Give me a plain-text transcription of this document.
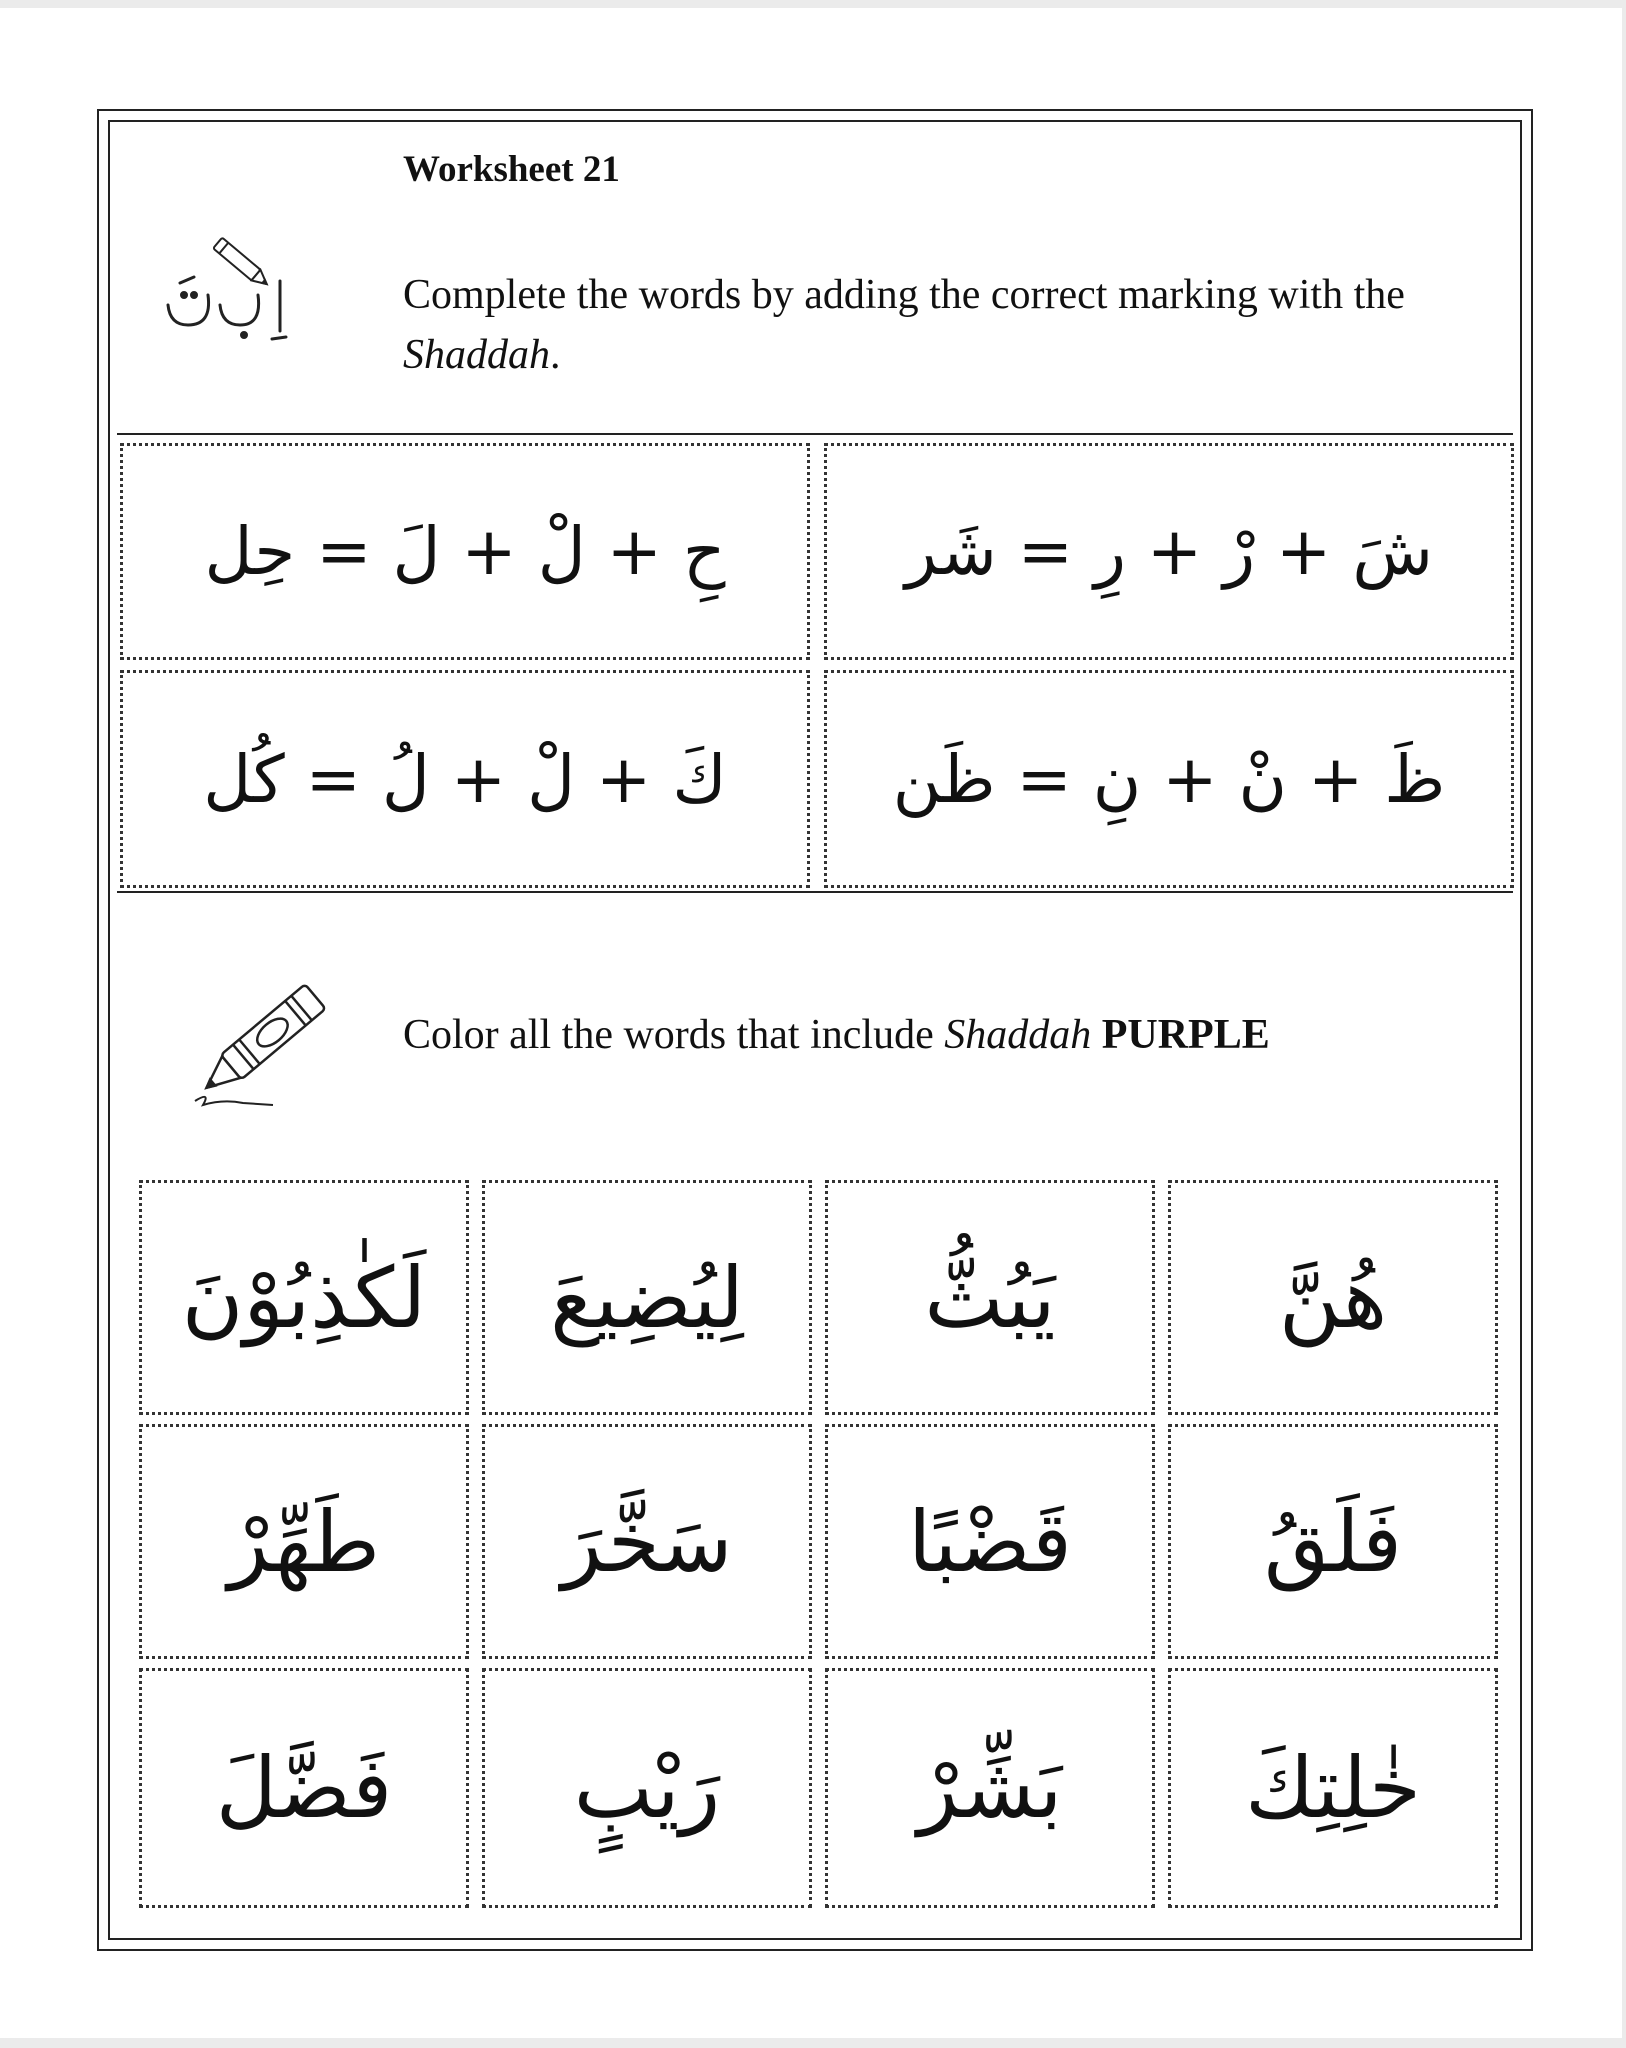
Worksheet 21
Complete the words by adding the correct marking with the Shaddah.
شَ + رْ + رِ = شَر
حِ + لْ + لَ = حِل
ظَ + نْ + نِ = ظَن
كَ + لْ + لُ = كُل
Color all the words that include Shaddah PURPLE
هُنَّ
يَبُثُّ
لِيُضِيعَ
لَكٰذِبُوْنَ
فَلَقُ
قَضْبًا
سَخَّرَ
طَهِّرْ
خٰلِتِكَ
بَشِّرْ
رَيْبٍ
فَضَّلَ
